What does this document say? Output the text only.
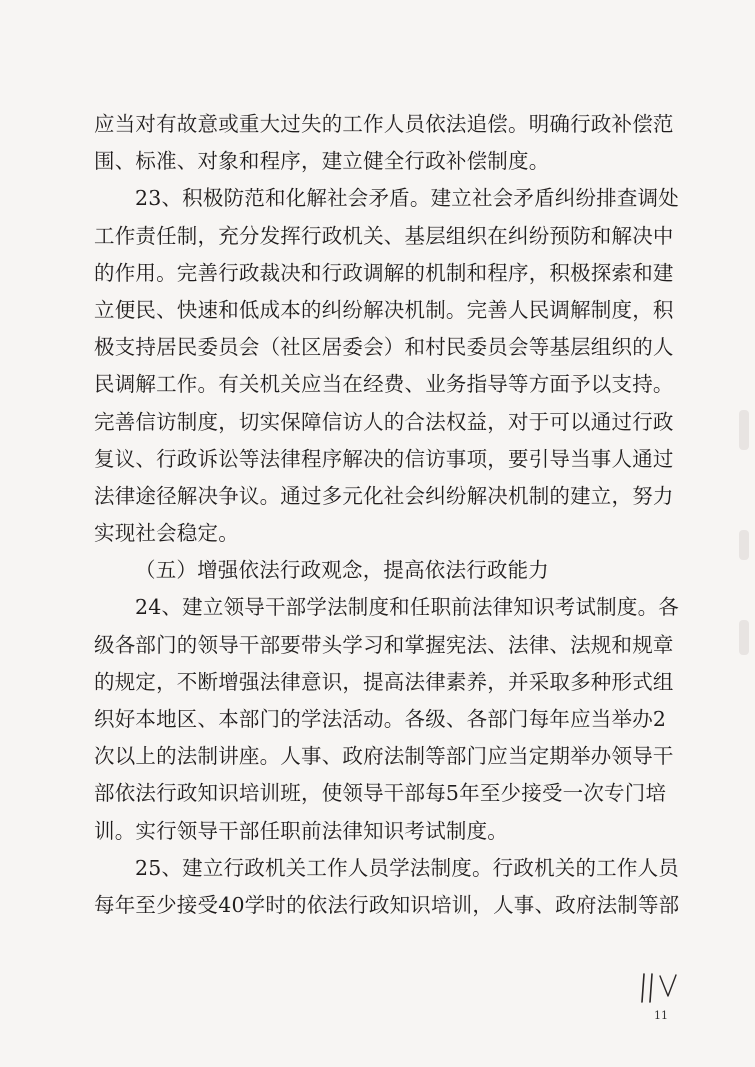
应当对有故意或重大过失的工作人员依法追偿。明确行政补偿范
围、标准、对象和程序，建立健全行政补偿制度。
23、积极防范和化解社会矛盾。建立社会矛盾纠纷排查调处
工作责任制，充分发挥行政机关、基层组织在纠纷预防和解决中
的作用。完善行政裁决和行政调解的机制和程序，积极探索和建
立便民、快速和低成本的纠纷解决机制。完善人民调解制度，积
极支持居民委员会（社区居委会）和村民委员会等基层组织的人
民调解工作。有关机关应当在经费、业务指导等方面予以支持。
完善信访制度，切实保障信访人的合法权益，对于可以通过行政
复议、行政诉讼等法律程序解决的信访事项，要引导当事人通过
法律途径解决争议。通过多元化社会纠纷解决机制的建立，努力
实现社会稳定。
（五）增强依法行政观念，提高依法行政能力
24、建立领导干部学法制度和任职前法律知识考试制度。各
级各部门的领导干部要带头学习和掌握宪法、法律、法规和规章
的规定，不断增强法律意识，提高法律素养，并采取多种形式组
织好本地区、本部门的学法活动。各级、各部门每年应当举办2
次以上的法制讲座。人事、政府法制等部门应当定期举办领导干
部依法行政知识培训班，使领导干部每5年至少接受一次专门培
训。实行领导干部任职前法律知识考试制度。
25、建立行政机关工作人员学法制度。行政机关的工作人员
每年至少接受40学时的依法行政知识培训，人事、政府法制等部
11
